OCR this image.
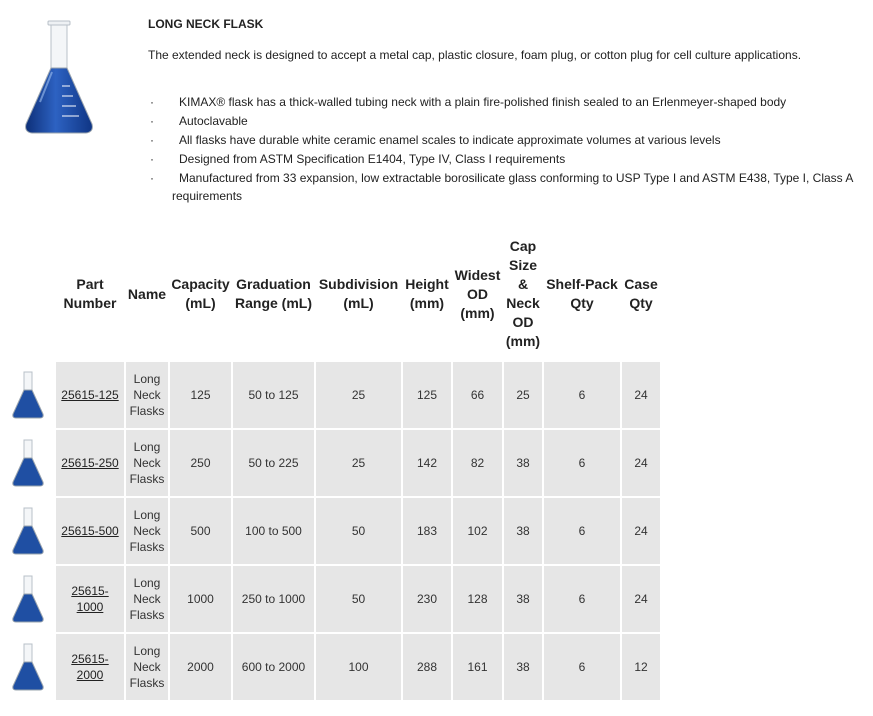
LONG NECK FLASK

The extended neck is designed to accept a metal cap, plastic closure, foam plug, or cotton plug for cell culture applications.

· KIMAX® flask has a thick-walled tubing neck with a plain fire-polished finish sealed to an Erlenmeyer-shaped body
· Autoclavable
· All flasks have durable white ceramic enamel scales to indicate approximate volumes at various levels
· Designed from ASTM Specification E1404, Type IV, Class I requirements
· Manufactured from 33 expansion, low extractable borosilicate glass conforming to USP Type I and ASTM E438, Type I, Class A
requirements
	Part Number	Name	Capacity (mL)	Graduation Range (mL)	Subdivision (mL)	Height (mm)	Widest OD (mm)	Cap Size & Neck OD (mm)	Shelf-Pack Qty	Case Qty

	25615-125	Long Neck Flasks	125	50 to 125	25	125	66	25	6	24

	25615-250	Long Neck Flasks	250	50 to 225	25	142	82	38	6	24

	25615-500	Long Neck Flasks	500	100 to 500	50	183	102	38	6	24

	25615-1000	Long Neck Flasks	1000	250 to 1000	50	230	128	38	6	24

	25615-2000	Long Neck Flasks	2000	600 to 2000	100	288	161	38	6	12
